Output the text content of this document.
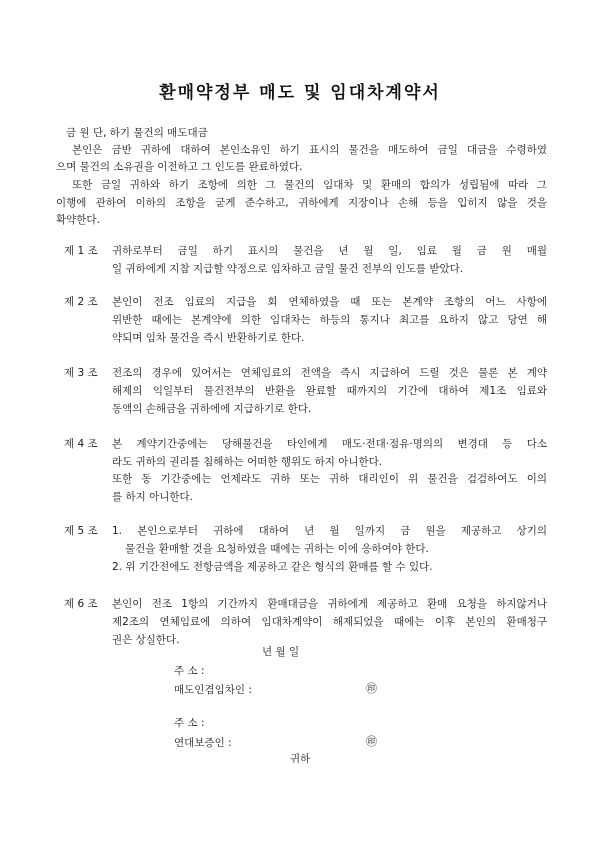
환매약정부 매도 및 임대차계약서
금 원 단, 하기 물건의 매도대금
본인은 금반 귀하에 대하여 본인소유인 하기 표시의 물건을 매도하여 금일 대금을 수령하였
으며 물건의 소유권을 이전하고 그 인도를 완료하였다.
또한 금일 귀하와 하기 조항에 의한 그 물건의 임대차 및 환매의 합의가 성립됨에 따라 그
이행에 관하여 이하의 조항을 굳게 준수하고, 귀하에게 지장이나 손해 등을 입히지 않을 것을
확약한다.
제 1 조 귀하로부터 금일 하기 표시의 물건을 년 월 일, 임료 월 금 원 매월
일 귀하에게 지참 지급할 약정으로 임차하고 금일 물건 전부의 인도를 받았다.
제 2 조 본인이 전조 임료의 지급을 회 연체하였을 때 또는 본계약 조항의 어느 사항에
위반한 때에는 본계약에 의한 임대차는 하등의 통지나 최고를 요하지 않고 당연 해
약되며 임차 물건을 즉시 반환하기로 한다.
제 3 조 전조의 경우에 있어서는 연체임료의 전액을 즉시 지급하여 드릴 것은 물론 본 계약
해제의 익일부터 물건전부의 반환을 완료할 때까지의 기간에 대하여 제1조 임료와
동액의 손해금을 귀하에에 지급하기로 한다.
제 4 조 본 계약기간중에는 당해물건을 타인에게 매도·전대·점유·명의의 변경대 등 다소
라도 귀하의 권리를 침해하는 어떠한 행위도 하지 아니한다.
또한 동 기간중에는 언제라도 귀하 또는 귀하 대리인이 위 물건을 검검하여도 이의
를 하지 아니한다.
제 5 조 1. 본인으로부터 귀하에 대하여 년 월 일까지 금 원을 제공하고 상기의
물건을 환매할 것을 요청하였을 때에는 귀하는 이에 응하여야 한다.
2. 위 기간전에도 전항금액을 제공하고 같은 형식의 환매를 할 수 있다.
제 6 조 본인이 전조 1항의 기간까지 환매대금을 귀하에게 제공하고 환매 요청을 하지않거나
제2조의 연체임료에 의하여 임대차계약이 해제되었을 때에는 이후 본인의 환매청구
권은 상실한다.
년 월 일
주 소 :
매도인겸임차인 :	㊞
주 소 :
연대보증인 :	㊞
귀하
